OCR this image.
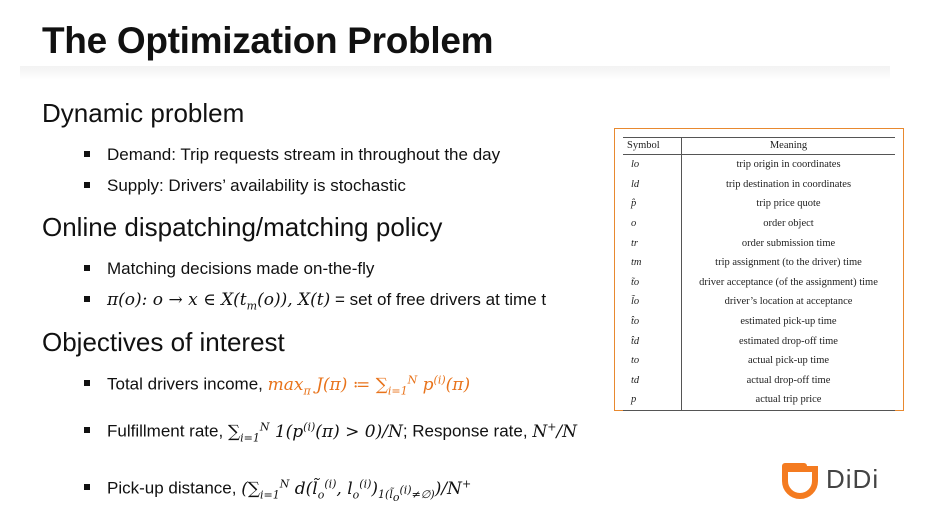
The Optimization Problem
Dynamic problem
Demand: Trip requests stream in throughout the day
Supply: Drivers’ availability is stochastic
Online dispatching/matching policy
Matching decisions made on-the-fly
π(o): o → x ∈ $X(t_m(o))$, X(t) = set of free drivers at time t
Objectives of interest
Total drivers income, $\max_\pi J(\pi)$ ≔ $\sum_{i=1}^N$ $p^{(i)}(\pi)$
Fulfillment rate, $\sum_{i=1}^N$ $1(p^{(i)}(\pi) > 0)/N$; Response rate, N+/N
Pick-up distance, ($\sum_{i=1}^N$ $d(l̃_o^{(i)}$, $l_o^{(i)})_{1(l̃_o^{(i)}\ne\emptyset)})/N^+$
Symbol	Meaning
lo	trip origin in coordinates
ld	trip destination in coordinates
p̂	trip price quote
o	order object
tr	order submission time
tm	trip assignment (to the driver) time
t̃o	driver acceptance (of the assignment) time
l̃o	driver’s location at acceptance
t̂o	estimated pick-up time
t̂d	estimated drop-off time
to	actual pick-up time
td	actual drop-off time
p	actual trip price
DiDi
